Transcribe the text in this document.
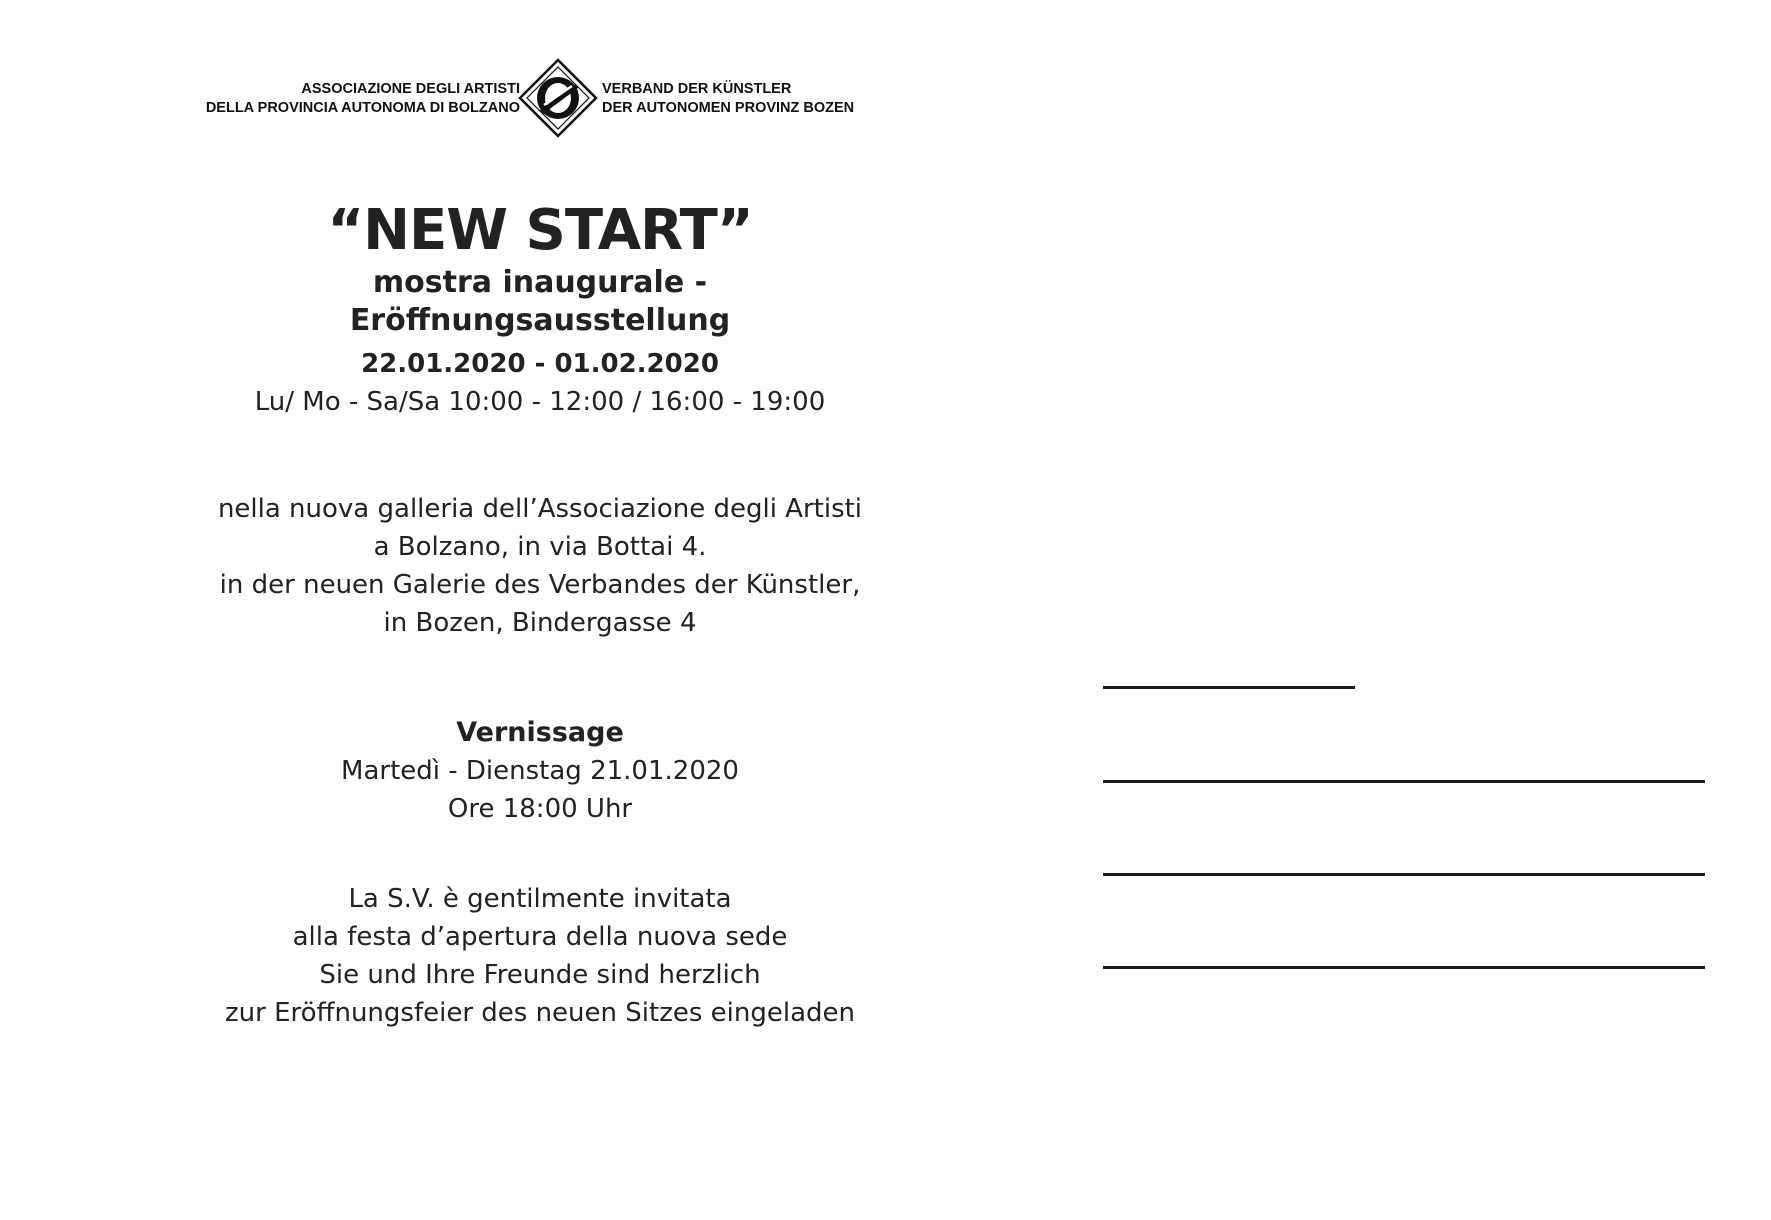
ASSOCIAZIONE DEGLI ARTISTI
DELLA PROVINCIA AUTONOMA DI BOLZANO
VERBAND DER KÜNSTLER
DER AUTONOMEN PROVINZ BOZEN
“NEW START”
mostra inaugurale - Eröffnungsausstellung
22.01.2020 - 01.02.2020
Lu/ Mo - Sa/Sa 10:00 - 12:00 / 16:00 - 19:00
nella nuova galleria dell’Associazione degli Artisti
a Bolzano, in via Bottai 4.
in der neuen Galerie des Verbandes der Künstler,
in Bozen, Bindergasse 4
Vernissage
Martedì - Dienstag 21.01.2020
Ore 18:00 Uhr
La S.V. è gentilmente invitata
alla festa d’apertura della nuova sede
Sie und Ihre Freunde sind herzlich
zur Eröffnungsfeier des neuen Sitzes eingeladen
